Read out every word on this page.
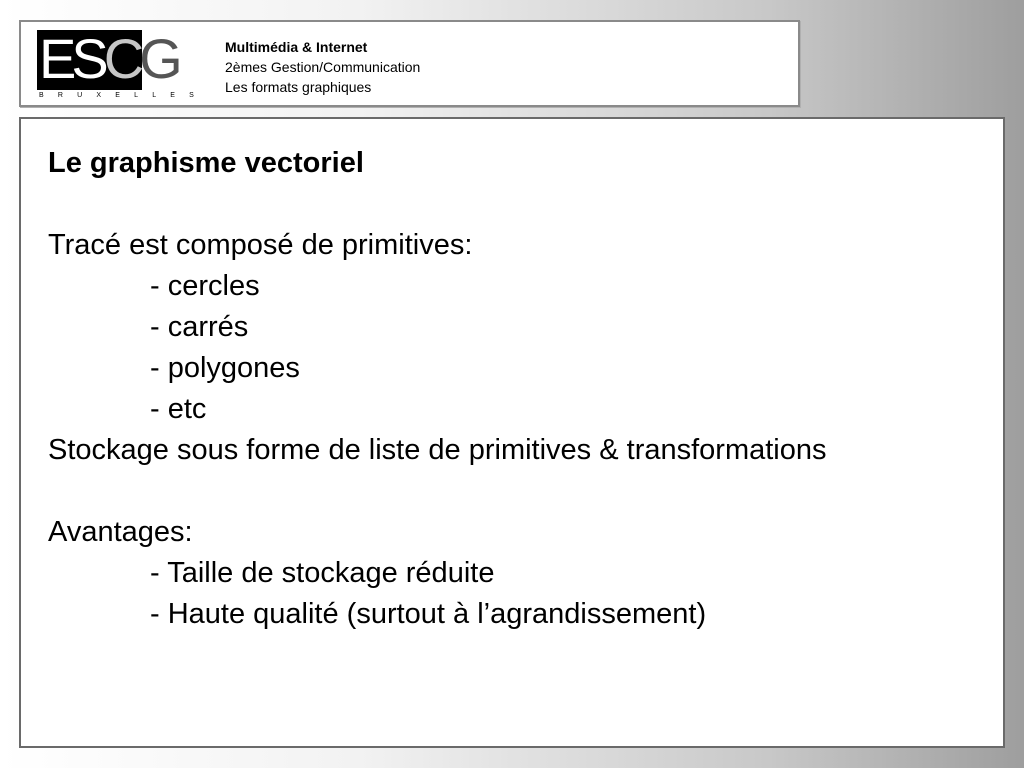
ESCG
BRUXELLES
Multimédia & Internet
2èmes Gestion/Communication
Les formats graphiques
Le graphisme vectoriel
Tracé est composé de primitives:
- cercles
- carrés
- polygones
- etc
Stockage sous forme de liste de primitives & transformations
Avantages:
- Taille de stockage réduite
- Haute qualité (surtout à l’agrandissement)
